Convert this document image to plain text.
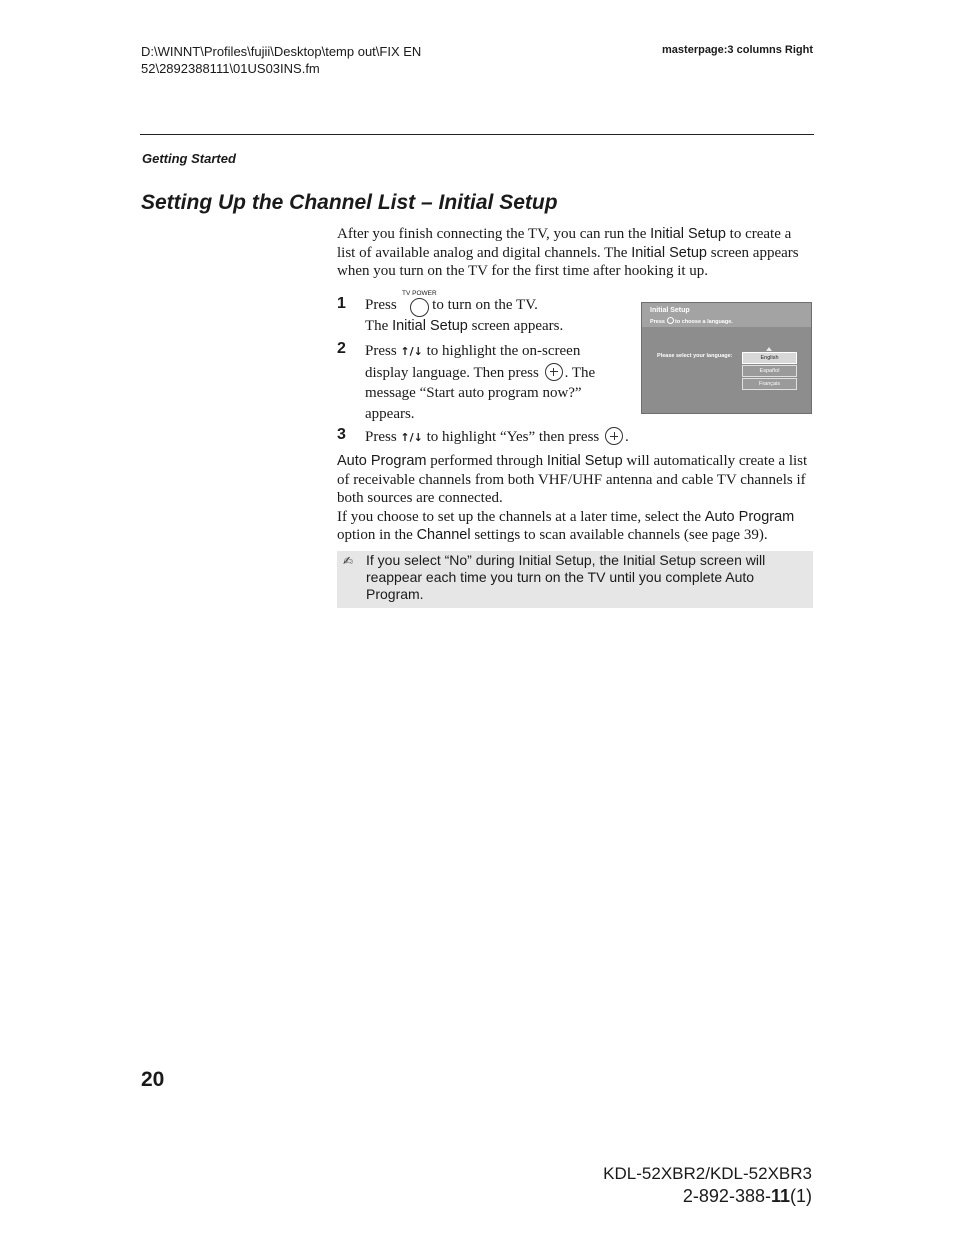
D:\WINNT\Profiles\fujii\Desktop\temp out\FIX EN
52\2892388111\01US03INS.fm
masterpage:3 columns Right
Getting Started
Setting Up the Channel List – Initial Setup
After you finish connecting the TV, you can run the Initial Setup to create a list of available analog and digital channels. The Initial Setup screen appears when you turn on the TV for the first time after hooking it up.
1
TV POWER
Press  to turn on the TV.
The Initial Setup screen appears.
2 Press ↑/↓ to highlight the on-screen display language. Then press . The message “Start auto program now?” appears.
Initial Setup
Press  to choose a language.
Please select your language:	English
Español
Français
3 Press ↑/↓ to highlight “Yes” then press .
Auto Program performed through Initial Setup will automatically create a list of receivable channels from both VHF/UHF antenna and cable TV channels if both sources are connected.
If you choose to set up the channels at a later time, select the Auto Program option in the Channel settings to scan available channels (see page 39).
✍ If you select “No” during Initial Setup, the Initial Setup screen will reappear each time you turn on the TV until you complete Auto Program.
20
KDL-52XBR2/KDL-52XBR3
2-892-388-11(1)
